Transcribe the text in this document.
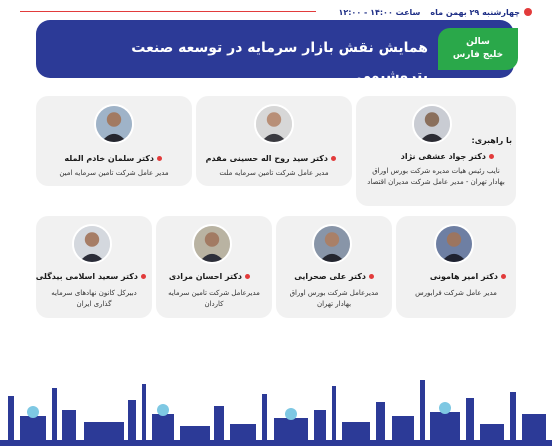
چهارشنبه ۲۹ بهمن ماه
ساعت ۱۴:۰۰ - ۱۲:۰۰
همایش نقش بازار سرمایه در توسعه صنعت پتروشیمی
سالن
خلیج فارس
با راهبری:
دکتر جواد عشقی نژاد
نایب رئیس هیات مدیره شرکت بورس اوراق
بهادار تهران - مدیر عامل شرکت مدیران اقتصاد
دکتر سید روح اله حسینی مقدم
مدیر عامل شرکت تامین سرمایه ملت
دکتر سلمان خادم المله
مدیر عامل شرکت تامین سرمایه امین
دکتر امیر هامونی
مدیر عامل شرکت فرابورس
دکتر علی صحرایی
مدیرعامل شرکت بورس اوراق
بهادار تهران
دکتر احسان مرادی
مدیرعامل شرکت تامین سرمایه
کاردان
دکتر سعید اسلامی بیدگلی
دبیرکل کانون نهادهای سرمایه
گذاری ایران
